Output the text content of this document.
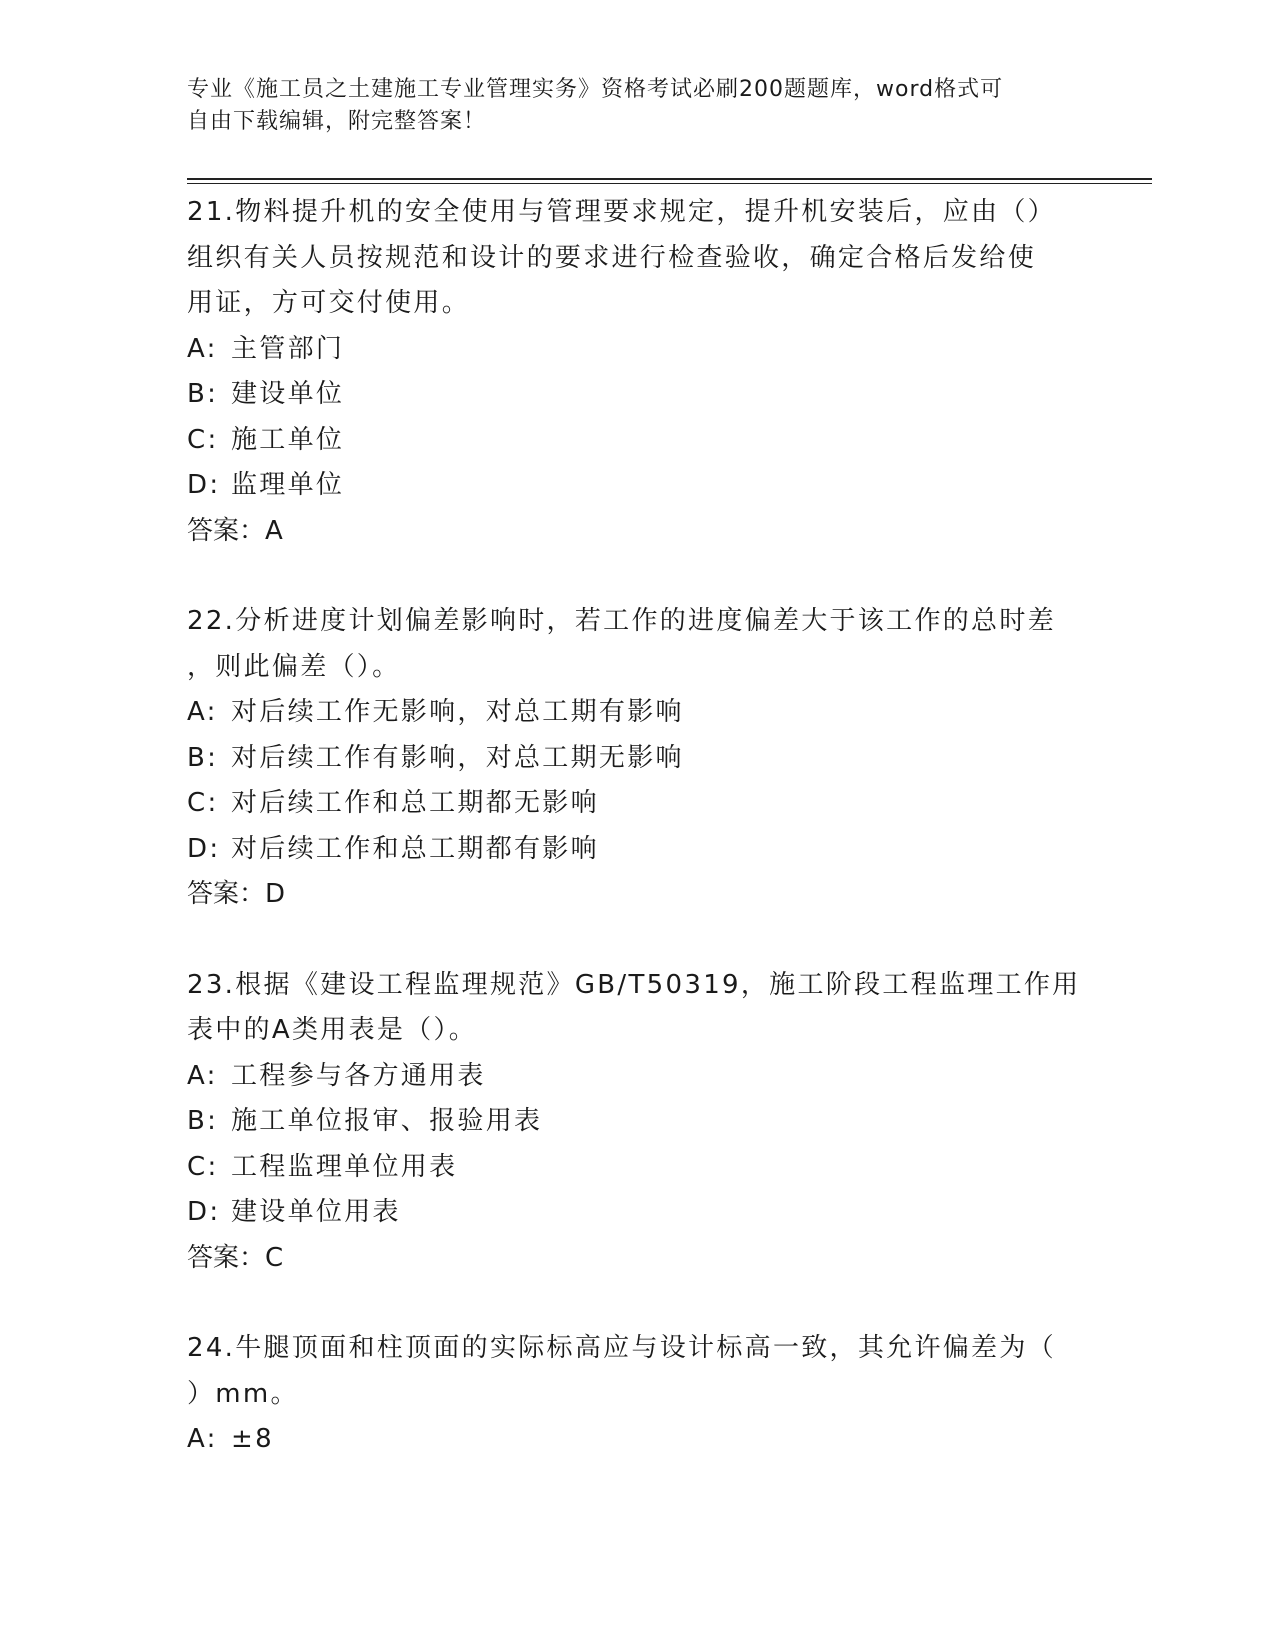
专业《施工员之土建施工专业管理实务》资格考试必刷200题题库，word格式可
自由下载编辑，附完整答案！

21.物料提升机的安全使用与管理要求规定，提升机安装后，应由（）

组织有关人员按规范和设计的要求进行检查验收，确定合格后发给使

用证，方可交付使用。

A: 主管部门
B: 建设单位
C: 施工单位
D: 监理单位

答案：A

22.分析进度计划偏差影响时，若工作的进度偏差大于该工作的总时差

，则此偏差（）。

A: 对后续工作无影响，对总工期有影响
B: 对后续工作有影响，对总工期无影响
C: 对后续工作和总工期都无影响
D: 对后续工作和总工期都有影响

答案：D

23.根据《建设工程监理规范》GB/T50319，施工阶段工程监理工作用

表中的A类用表是（）。

A: 工程参与各方通用表
B: 施工单位报审、报验用表
C: 工程监理单位用表
D: 建设单位用表

答案：C

24.牛腿顶面和柱顶面的实际标高应与设计标高一致，其允许偏差为（

）mm。

A: ±8
